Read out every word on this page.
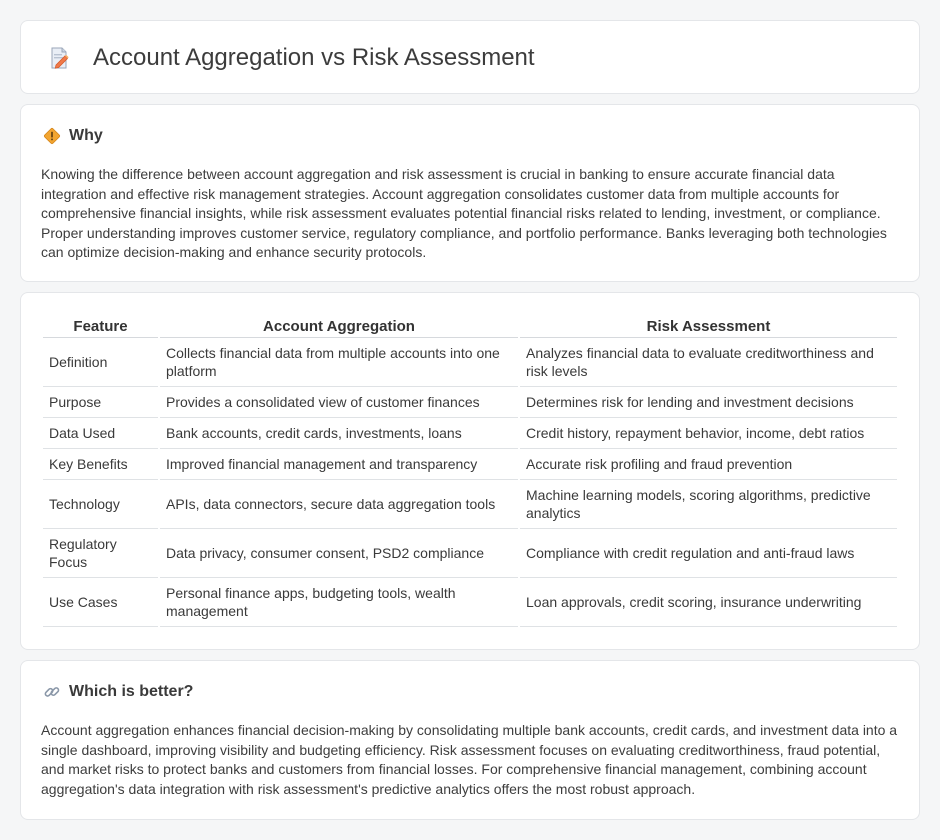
Account Aggregation vs Risk Assessment
Why

Knowing the difference between account aggregation and risk assessment is crucial in banking to ensure accurate financial data integration and effective risk management strategies. Account aggregation consolidates customer data from multiple accounts for comprehensive financial insights, while risk assessment evaluates potential financial risks related to lending, investment, or compliance. Proper understanding improves customer service, regulatory compliance, and portfolio performance. Banks leveraging both technologies can optimize decision-making and enhance security protocols.

Feature	Account Aggregation	Risk Assessment
Definition	Collects financial data from multiple accounts into one platform	Analyzes financial data to evaluate creditworthiness and risk levels
Purpose	Provides a consolidated view of customer finances	Determines risk for lending and investment decisions
Data Used	Bank accounts, credit cards, investments, loans	Credit history, repayment behavior, income, debt ratios
Key Benefits	Improved financial management and transparency	Accurate risk profiling and fraud prevention
Technology	APIs, data connectors, secure data aggregation tools	Machine learning models, scoring algorithms, predictive analytics
Regulatory Focus	Data privacy, consumer consent, PSD2 compliance	Compliance with credit regulation and anti-fraud laws
Use Cases	Personal finance apps, budgeting tools, wealth management	Loan approvals, credit scoring, insurance underwriting
Which is better?

Account aggregation enhances financial decision-making by consolidating multiple bank accounts, credit cards, and investment data into a single dashboard, improving visibility and budgeting efficiency. Risk assessment focuses on evaluating creditworthiness, fraud potential, and market risks to protect banks and customers from financial losses. For comprehensive financial management, combining account aggregation's data integration with risk assessment's predictive analytics offers the most robust approach.
